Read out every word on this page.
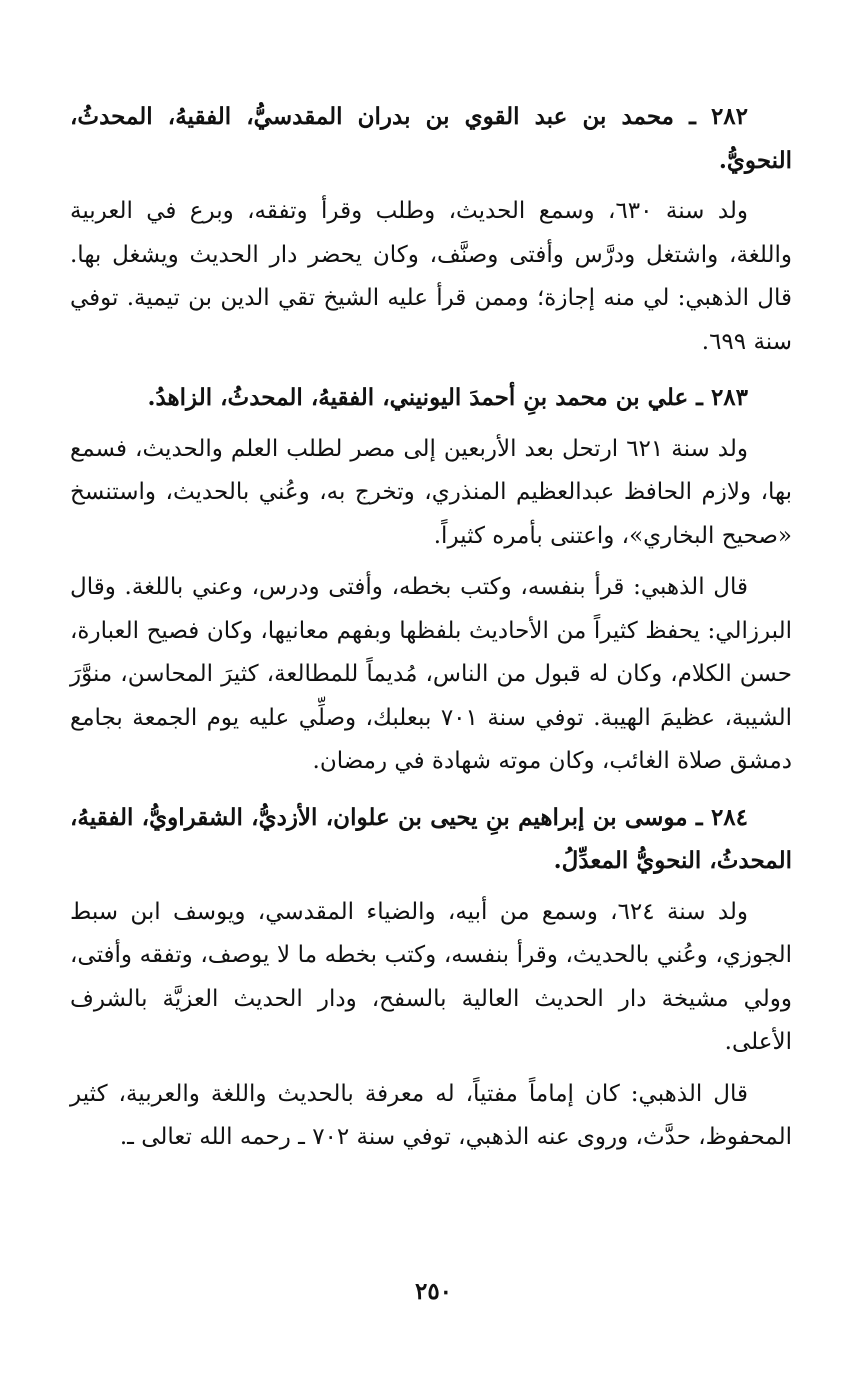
٢٨٢ ـ محمد بن عبد القوي بن بدران المقدسيُّ، الفقيهُ، المحدثُ، النحويُّ.

ولد سنة ٦٣٠، وسمع الحديث، وطلب وقرأ وتفقه، وبرع في العربية واللغة، واشتغل ودرَّس وأفتى وصنَّف، وكان يحضر دار الحديث ويشغل بها. قال الذهبي: لي منه إجازة؛ وممن قرأ عليه الشيخ تقي الدين بن تيمية. توفي سنة ٦٩٩.

٢٨٣ ـ علي بن محمد بنِ أحمدَ اليونيني، الفقيهُ، المحدثُ، الزاهدُ.

ولد سنة ٦٢١ ارتحل بعد الأربعين إلى مصر لطلب العلم والحديث، فسمع بها، ولازم الحافظ عبدالعظيم المنذري، وتخرج به، وعُني بالحديث، واستنسخ «صحيح البخاري»، واعتنى بأمره كثيراً.

قال الذهبي: قرأ بنفسه، وكتب بخطه، وأفتى ودرس، وعني باللغة. وقال البرزالي: يحفظ كثيراً من الأحاديث بلفظها وبفهم معانيها، وكان فصيح العبارة، حسن الكلام، وكان له قبول من الناس، مُديماً للمطالعة، كثيرَ المحاسن، منوَّرَ الشيبة، عظيمَ الهيبة. توفي سنة ٧٠١ ببعلبك، وصلِّي عليه يوم الجمعة بجامع دمشق صلاة الغائب، وكان موته شهادة في رمضان.

٢٨٤ ـ موسى بن إبراهيم بنِ يحيى بن علوان، الأزديُّ، الشقراويُّ، الفقيهُ، المحدثُ، النحويُّ المعدِّلُ.

ولد سنة ٦٢٤، وسمع من أبيه، والضياء المقدسي، ويوسف ابن سبط الجوزي، وعُني بالحديث، وقرأ بنفسه، وكتب بخطه ما لا يوصف، وتفقه وأفتى، وولي مشيخة دار الحديث العالية بالسفح، ودار الحديث العزيَّة بالشرف الأعلى.

قال الذهبي: كان إماماً مفتياً، له معرفة بالحديث واللغة والعربية، كثير المحفوظ، حدَّث، وروى عنه الذهبي، توفي سنة ٧٠٢ ـ رحمه الله تعالى ـ.

٢٥٠
